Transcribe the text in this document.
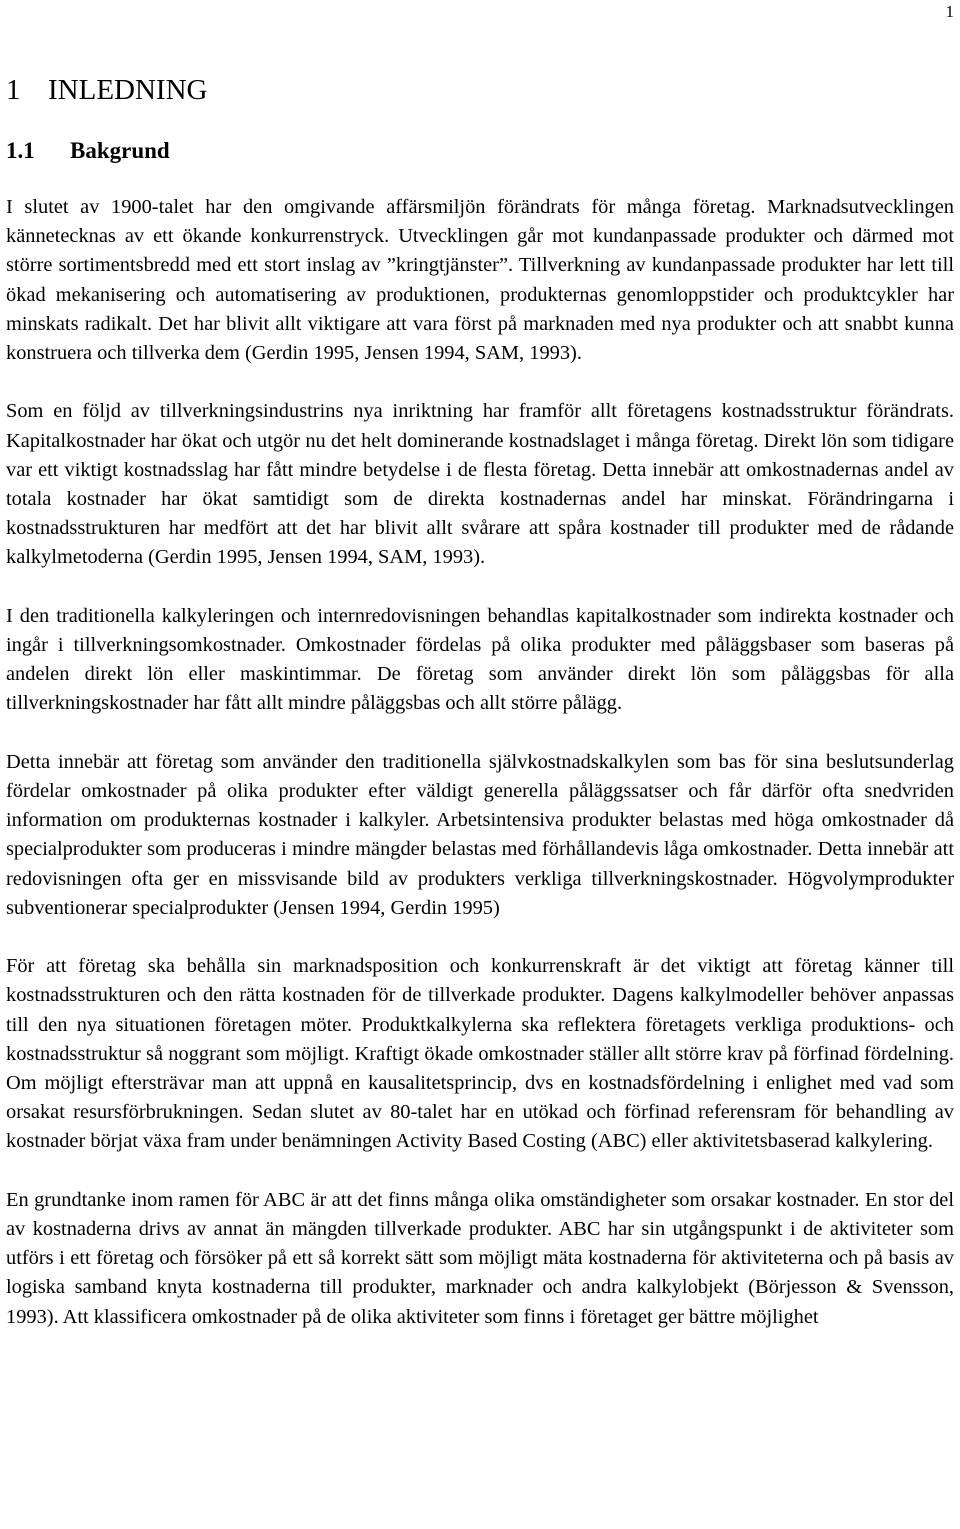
1
1 INLEDNING
1.1 Bakgrund

I slutet av 1900-talet har den omgivande affärsmiljön förändrats för många företag. Marknadsutvecklingen kännetecknas av ett ökande konkurrenstryck. Utvecklingen går mot kundanpassade produkter och därmed mot större sortimentsbredd med ett stort inslag av ”kringtjänster”. Tillverkning av kundanpassade produkter har lett till ökad mekanisering och automatisering av produktionen, produkternas genomloppstider och produktcykler har minskats radikalt. Det har blivit allt viktigare att vara först på marknaden med nya produkter och att snabbt kunna konstruera och tillverka dem (Gerdin 1995, Jensen 1994, SAM, 1993).

Som en följd av tillverkningsindustrins nya inriktning har framför allt företagens kostnadsstruktur förändrats. Kapitalkostnader har ökat och utgör nu det helt dominerande kostnadslaget i många företag. Direkt lön som tidigare var ett viktigt kostnadsslag har fått mindre betydelse i de flesta företag. Detta innebär att omkostnadernas andel av totala kostnader har ökat samtidigt som de direkta kostnadernas andel har minskat. Förändringarna i kostnadsstrukturen har medfört att det har blivit allt svårare att spåra kostnader till produkter med de rådande kalkylmetoderna (Gerdin 1995, Jensen 1994, SAM, 1993).

I den traditionella kalkyleringen och internredovisningen behandlas kapitalkostnader som indirekta kostnader och ingår i tillverkningsomkostnader. Omkostnader fördelas på olika produkter med påläggsbaser som baseras på andelen direkt lön eller maskintimmar. De företag som använder direkt lön som påläggsbas för alla tillverkningskostnader har fått allt mindre påläggsbas och allt större pålägg.

Detta innebär att företag som använder den traditionella självkostnadskalkylen som bas för sina beslutsunderlag fördelar omkostnader på olika produkter efter väldigt generella påläggssatser och får därför ofta snedvriden information om produkternas kostnader i kalkyler. Arbetsintensiva produkter belastas med höga omkostnader då specialprodukter som produceras i mindre mängder belastas med förhållandevis låga omkostnader. Detta innebär att redovisningen ofta ger en missvisande bild av produkters verkliga tillverkningskostnader. Högvolymprodukter subventionerar specialprodukter (Jensen 1994, Gerdin 1995)

För att företag ska behålla sin marknadsposition och konkurrenskraft är det viktigt att företag känner till kostnadsstrukturen och den rätta kostnaden för de tillverkade produkter. Dagens kalkylmodeller behöver anpassas till den nya situationen företagen möter. Produktkalkylerna ska reflektera företagets verkliga produktions- och kostnadsstruktur så noggrant som möjligt. Kraftigt ökade omkostnader ställer allt större krav på förfinad fördelning. Om möjligt eftersträvar man att uppnå en kausalitetsprincip, dvs en kostnadsfördelning i enlighet med vad som orsakat resursförbrukningen. Sedan slutet av 80-talet har en utökad och förfinad referensram för behandling av kostnader börjat växa fram under benämningen Activity Based Costing (ABC) eller aktivitetsbaserad kalkylering.

En grundtanke inom ramen för ABC är att det finns många olika omständigheter som orsakar kostnader. En stor del av kostnaderna drivs av annat än mängden tillverkade produkter. ABC har sin utgångspunkt i de aktiviteter som utförs i ett företag och försöker på ett så korrekt sätt som möjligt mäta kostnaderna för aktiviteterna och på basis av logiska samband knyta kostnaderna till produkter, marknader och andra kalkylobjekt (Börjesson & Svensson, 1993). Att klassificera omkostnader på de olika aktiviteter som finns i företaget ger bättre möjlighet
